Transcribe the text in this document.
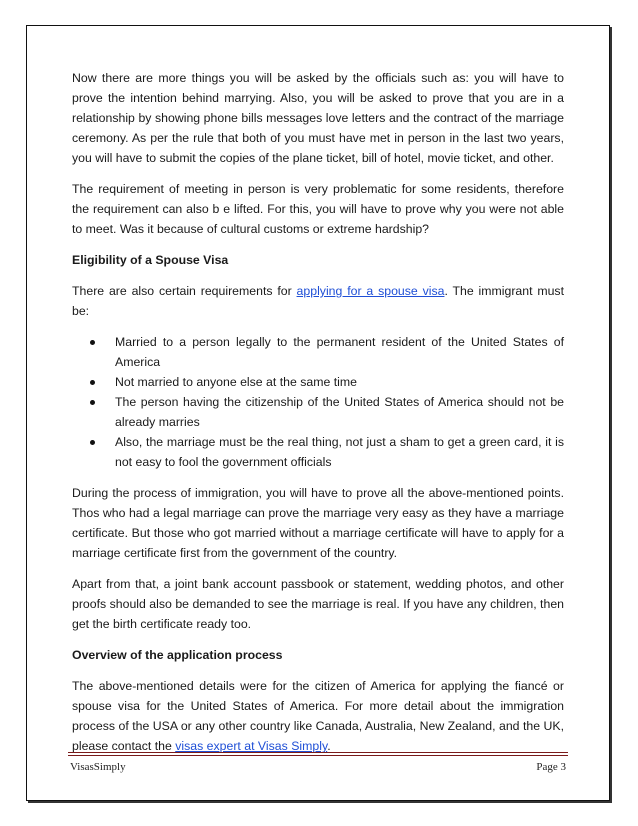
Now there are more things you will be asked by the officials such as: you will have to prove the intention behind marrying. Also, you will be asked to prove that you are in a relationship by showing phone bills messages love letters and the contract of the marriage ceremony. As per the rule that both of you must have met in person in the last two years, you will have to submit the copies of the plane ticket, bill of hotel, movie ticket, and other.

The requirement of meeting in person is very problematic for some residents, therefore the requirement can also b e lifted. For this, you will have to prove why you were not able to meet. Was it because of cultural customs or extreme hardship?

Eligibility of a Spouse Visa

There are also certain requirements for applying for a spouse visa. The immigrant must be:

Married to a person legally to the permanent resident of the United States of America
Not married to anyone else at the same time
The person having the citizenship of the United States of America should not be already marries
Also, the marriage must be the real thing, not just a sham to get a green card, it is not easy to fool the government officials

During the process of immigration, you will have to prove all the above-mentioned points. Thos who had a legal marriage can prove the marriage very easy as they have a marriage certificate. But those who got married without a marriage certificate will have to apply for a marriage certificate first from the government of the country.

Apart from that, a joint bank account passbook or statement, wedding photos, and other proofs should also be demanded to see the marriage is real. If you have any children, then get the birth certificate ready too.

Overview of the application process

The above-mentioned details were for the citizen of America for applying the fiancé or spouse visa for the United States of America. For more detail about the immigration process of the USA or any other country like Canada, Australia, New Zealand, and the UK, please contact the visas expert at Visas Simply.

VisasSimply	Page 3
